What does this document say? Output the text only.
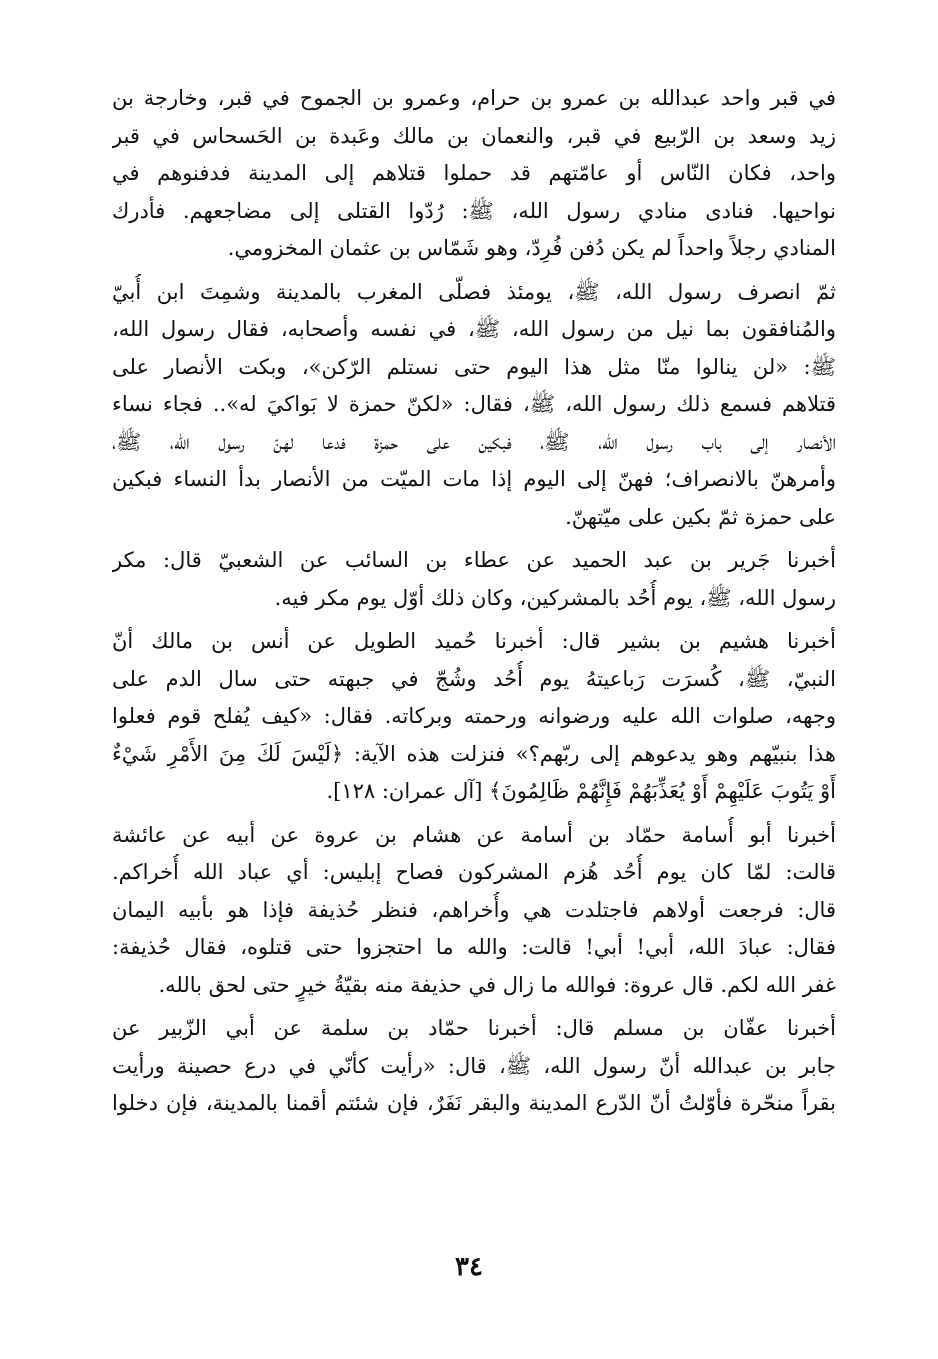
في قبر واحد عبدالله بن عمرو بن حرام، وعمرو بن الجموح في قبر، وخارجة بن
زيد وسعد بن الرّبيع في قبر، والنعمان بن مالك وعَبدة بن الحَسحاس في قبر
واحد، فكان النّاس أو عامّتهم قد حملوا قتلاهم إلى المدينة فدفنوهم في
نواحيها. فنادى منادي رسول الله، ﷺ: رُدّوا القتلى إلى مضاجعهم. فأدرك
المنادي رجلاً واحداً لم يكن دُفن فُرِدّ، وهو شَمّاس بن عثمان المخزومي.
ثمّ انصرف رسول الله، ﷺ، يومئذ فصلّى المغرب بالمدينة وشمِتَ ابن أُبيّ
والمُنافقون بما نيل من رسول الله، ﷺ، في نفسه وأصحابه، فقال رسول الله،
ﷺ: «لن ينالوا منّا مثل هذا اليوم حتى نستلم الرّكن»، وبكت الأنصار على
قتلاهم فسمع ذلك رسول الله، ﷺ، فقال: «لكنّ حمزة لا بَواكيَ له».. فجاء نساء
الأنصار إلى باب رسول الله، ﷺ، فبكين على حمزة فدعا لهنّ رسول الله، ﷺ،
وأمرهنّ بالانصراف؛ فهنّ إلى اليوم إذا مات الميّت من الأنصار بدأ النساء فبكين
على حمزة ثمّ بكين على ميّتهنّ.
أخبرنا جَرير بن عبد الحميد عن عطاء بن السائب عن الشعبيّ قال: مكر
رسول الله، ﷺ، يوم أُحُد بالمشركين، وكان ذلك أوّل يوم مكر فيه.
أخبرنا هشيم بن بشير قال: أخبرنا حُميد الطويل عن أنس بن مالك أنّ
النبيّ، ﷺ، كُسرَت رَباعيتهُ يوم أُحُد وشُجّ في جبهته حتى سال الدم على
وجهه، صلوات الله عليه ورضوانه ورحمته وبركاته. فقال: «كيف يُفلح قوم فعلوا
هذا بنبيّهم وهو يدعوهم إلى ربّهم؟» فنزلت هذه الآية: ﴿لَيْسَ لَكَ مِنَ الأَمْرِ شَيْءٌ
أَوْ يَتُوبَ عَلَيْهِمْ أَوْ يُعَذِّبَهُمْ فَإِنَّهُمْ ظَالِمُونَ﴾ [آل عمران: ١٢٨].
أخبرنا أبو أُسامة حمّاد بن أسامة عن هشام بن عروة عن أبيه عن عائشة
قالت: لمّا كان يوم أُحُد هُزم المشركون فصاح إبليس: أي عباد الله أُخراكم.
قال: فرجعت أولاهم فاجتلدت هي وأُخراهم، فنظر حُذيفة فإذا هو بأبيه اليمان
فقال: عبادَ الله، أبي! أبي! قالت: والله ما احتجزوا حتى قتلوه، فقال حُذيفة:
غفر الله لكم. قال عروة: فوالله ما زال في حذيفة منه بقيّةُ خيرٍ حتى لحق بالله.
أخبرنا عفّان بن مسلم قال: أخبرنا حمّاد بن سلمة عن أبي الزّبير عن
جابر بن عبدالله أنّ رسول الله، ﷺ، قال: «رأيت كأنّي في درع حصينة ورأيت
بقراً منحّرة فأوّلتُ أنّ الدّرع المدينة والبقر نَفَرٌ، فإن شئتم أقمنا بالمدينة، فإن دخلوا
٣٤
